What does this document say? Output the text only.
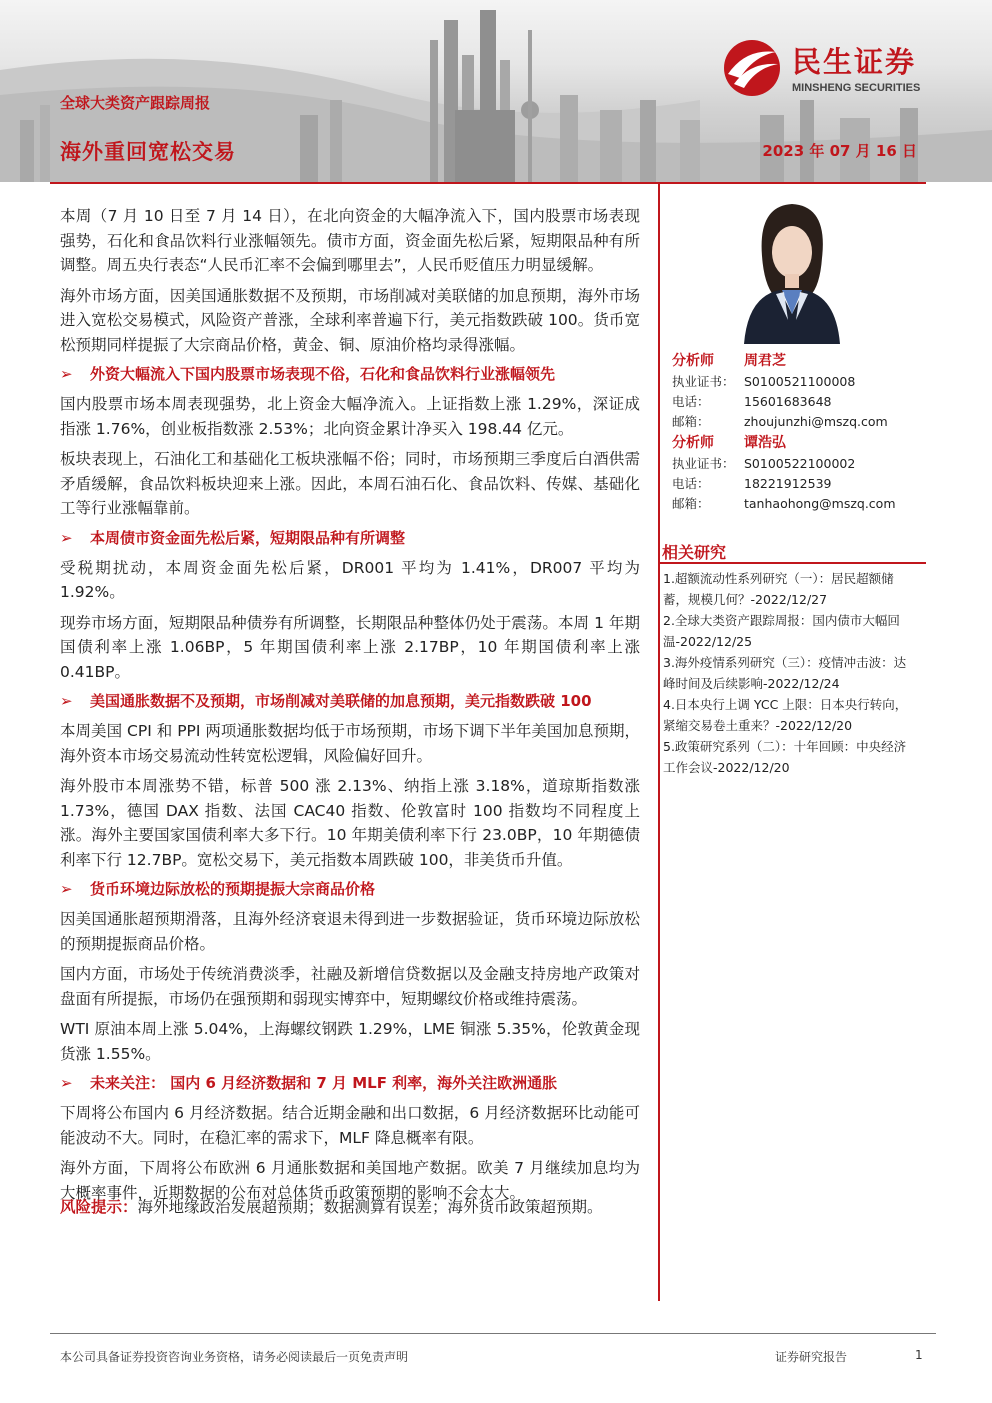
全球大类资产跟踪周报
海外重回宽松交易	2023 年 07 月 16 日
民生证券
MINSHENG SECURITIES

本周（7 月 10 日至 7 月 14 日），在北向资金的大幅净流入下，国内股票市场表现强势，石化和食品饮料行业涨幅领先。债市方面，资金面先松后紧，短期限品种有所调整。周五央行表态“人民币汇率不会偏到哪里去”，人民币贬值压力明显缓解。

海外市场方面，因美国通胀数据不及预期，市场削减对美联储的加息预期，海外市场进入宽松交易模式，风险资产普涨，全球利率普遍下行，美元指数跌破 100。货币宽松预期同样提振了大宗商品价格，黄金、铜、原油价格均录得涨幅。

➢ 外资大幅流入下国内股票市场表现不俗，石化和食品饮料行业涨幅领先

国内股票市场本周表现强势，北上资金大幅净流入。上证指数上涨 1.29%，深证成指涨 1.76%，创业板指数涨 2.53%；北向资金累计净买入 198.44 亿元。

板块表现上，石油化工和基础化工板块涨幅不俗；同时，市场预期三季度后白酒供需矛盾缓解，食品饮料板块迎来上涨。因此，本周石油石化、食品饮料、传媒、基础化工等行业涨幅靠前。

➢ 本周债市资金面先松后紧，短期限品种有所调整

受税期扰动，本周资金面先松后紧，DR001 平均为 1.41%，DR007 平均为 1.92%。

现券市场方面，短期限品种债券有所调整，长期限品种整体仍处于震荡。本周 1 年期国债利率上涨 1.06BP，5 年期国债利率上涨 2.17BP，10 年期国债利率上涨 0.41BP。

➢ 美国通胀数据不及预期，市场削减对美联储的加息预期，美元指数跌破 100

本周美国 CPI 和 PPI 两项通胀数据均低于市场预期，市场下调下半年美国加息预期，海外资本市场交易流动性转宽松逻辑，风险偏好回升。

海外股市本周涨势不错，标普 500 涨 2.13%、纳指上涨 3.18%，道琼斯指数涨 1.73%，德国 DAX 指数、法国 CAC40 指数、伦敦富时 100 指数均不同程度上涨。海外主要国家国债利率大多下行。10 年期美债利率下行 23.0BP，10 年期德债利率下行 12.7BP。宽松交易下，美元指数本周跌破 100，非美货币升值。

➢ 货币环境边际放松的预期提振大宗商品价格

因美国通胀超预期滑落，且海外经济衰退未得到进一步数据验证，货币环境边际放松的预期提振商品价格。

国内方面，市场处于传统消费淡季，社融及新增信贷数据以及金融支持房地产政策对盘面有所提振，市场仍在强预期和弱现实博弈中，短期螺纹价格或维持震荡。

WTI 原油本周上涨 5.04%，上海螺纹钢跌 1.29%，LME 铜涨 5.35%，伦敦黄金现货涨 1.55%。

➢ 未来关注： 国内 6 月经济数据和 7 月 MLF 利率，海外关注欧洲通胀

下周将公布国内 6 月经济数据。结合近期金融和出口数据，6 月经济数据环比动能可能波动不大。同时，在稳汇率的需求下，MLF 降息概率有限。

海外方面，下周将公布欧洲 6 月通胀数据和美国地产数据。欧美 7 月继续加息均为大概率事件，近期数据的公布对总体货币政策预期的影响不会太大。

风险提示：海外地缘政治发展超预期；数据测算有误差；海外货币政策超预期。
分析师 周君芝
执业证书： S0100521100008
电话：	15601683648
邮箱：	zhoujunzhi@mszq.com
分析师 谭浩弘
执业证书： S0100522100002
电话：	18221912539
邮箱：	tanhaohong@mszq.com
相关研究
1.超额流动性系列研究（一）：居民超额储蓄，规模几何？-2022/12/27
2.全球大类资产跟踪周报：国内债市大幅回温-2022/12/25
3.海外疫情系列研究（三）：疫情冲击波：达峰时间及后续影响-2022/12/24
4.日本央行上调 YCC 上限：日本央行转向，紧缩交易卷土重来？-2022/12/20
5.政策研究系列（二）：十年回顾：中央经济工作会议-2022/12/20
本公司具备证券投资咨询业务资格，请务必阅读最后一页免责声明	证券研究报告	1
